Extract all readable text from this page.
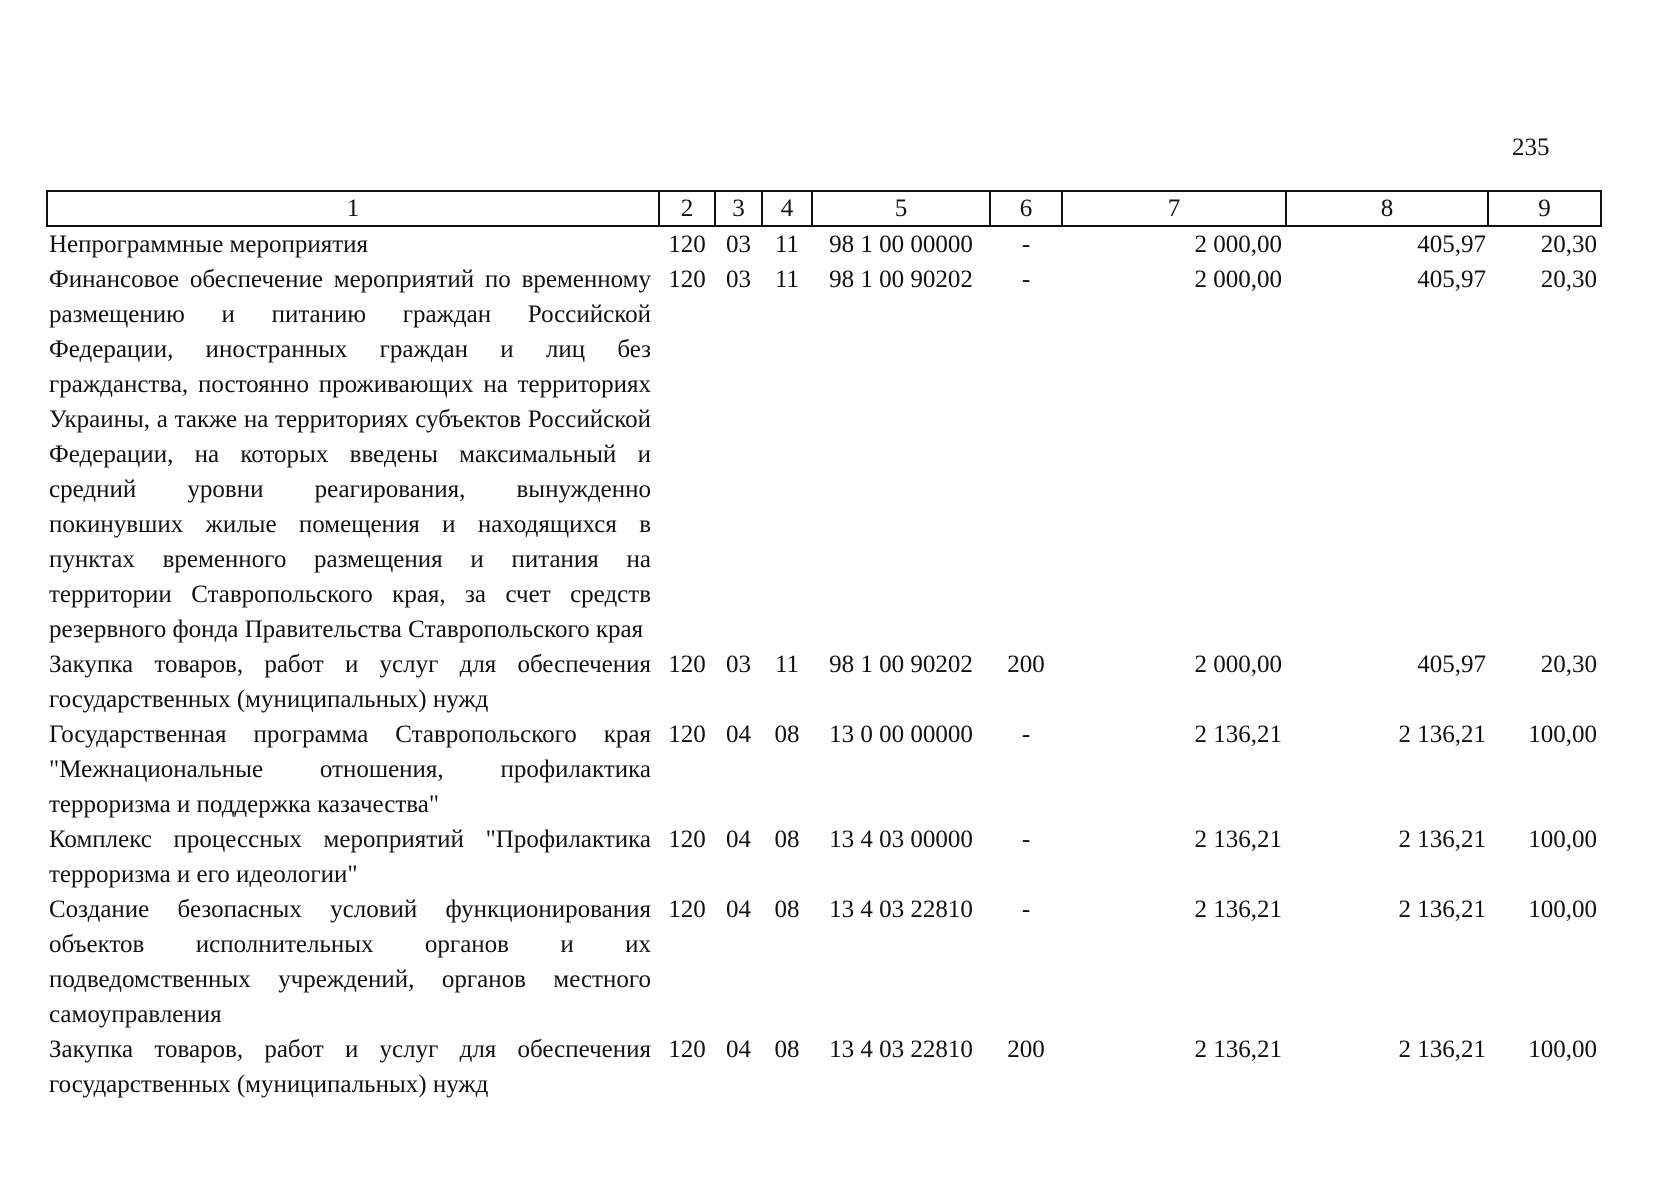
235
1	2	3	4	5	6	7	8	9
Непрограммные мероприятия	120	03	11	98 1 00 00000	-	2 000,00	405,97	20,30
Финансовое обеспечение мероприятий по временному размещению и питанию граждан Российской Федерации, иностранных граждан и лиц без гражданства, постоянно проживающих на территориях Украины, а также на территориях субъектов Российской Федерации, на которых введены максимальный и средний уровни реагирования, вынужденно покинувших жилые помещения и находящихся в пунктах временного размещения и питания на территории Ставропольского края, за счет средств резервного фонда Правительства Ставропольского края	120	03	11	98 1 00 90202	-	2 000,00	405,97	20,30
Закупка товаров, работ и услуг для обеспечения государственных (муниципальных) нужд	120	03	11	98 1 00 90202	200	2 000,00	405,97	20,30
Государственная программа Ставропольского края "Межнациональные отношения, профилактика терроризма и поддержка казачества"	120	04	08	13 0 00 00000	-	2 136,21	2 136,21	100,00
Комплекс процессных мероприятий "Профилактика терроризма и его идеологии"	120	04	08	13 4 03 00000	-	2 136,21	2 136,21	100,00
Создание безопасных условий функционирования объектов исполнительных органов и их подведомственных учреждений, органов местного самоуправления	120	04	08	13 4 03 22810	-	2 136,21	2 136,21	100,00
Закупка товаров, работ и услуг для обеспечения государственных (муниципальных) нужд	120	04	08	13 4 03 22810	200	2 136,21	2 136,21	100,00
